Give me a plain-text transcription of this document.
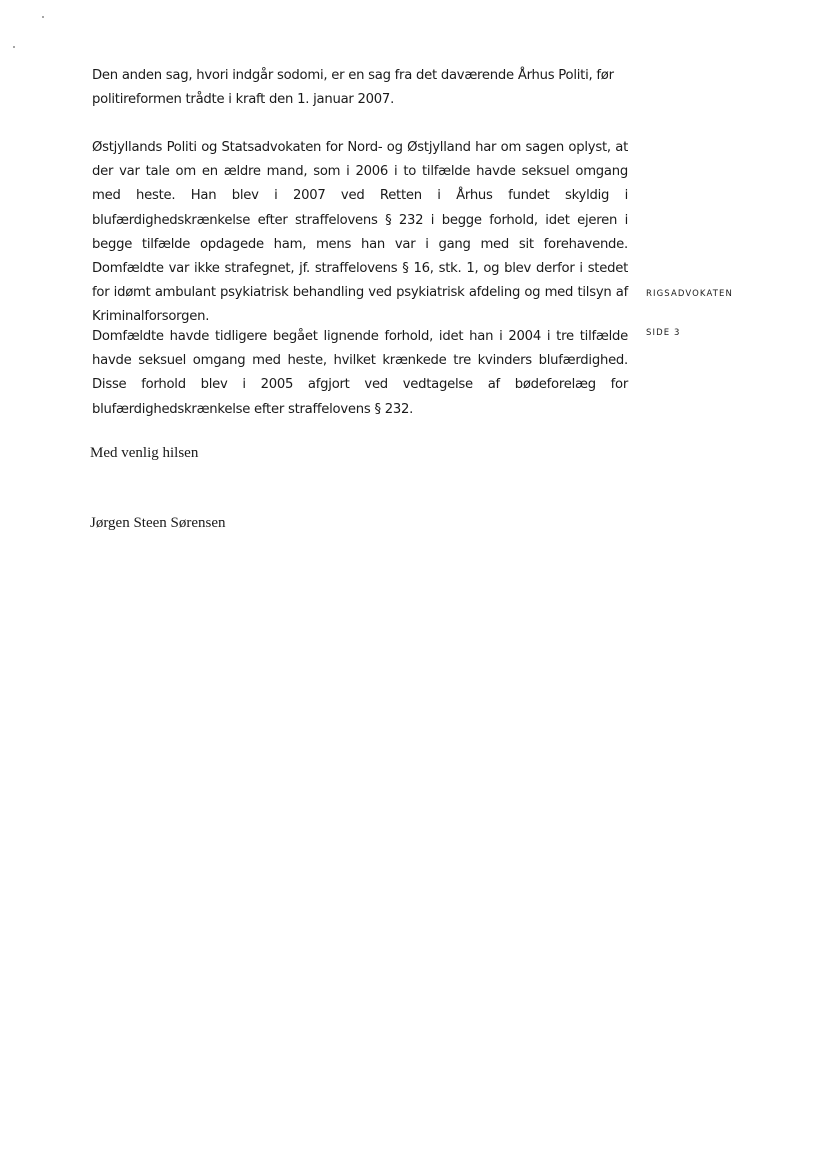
Den anden sag, hvori indgår sodomi, er en sag fra det daværende Århus Politi, før politireformen trådte i kraft den 1. januar 2007.

Østjyllands Politi og Statsadvokaten for Nord- og Østjylland har om sagen oplyst, at der var tale om en ældre mand, som i 2006 i to tilfælde havde seksuel omgang med heste. Han blev i 2007 ved Retten i Århus fundet skyldig i blufærdighedskrænkelse efter straffelovens § 232 i begge forhold, idet ejeren i begge tilfælde opdagede ham, mens han var i gang med sit forehavende. Domfældte var ikke strafegnet, jf. straffelovens § 16, stk. 1, og blev derfor i stedet for idømt ambulant psykiatrisk behandling ved psykiatrisk afdeling og med tilsyn af Kriminalforsorgen.

Domfældte havde tidligere begået lignende forhold, idet han i 2004 i tre tilfælde havde seksuel omgang med heste, hvilket krænkede tre kvinders blufærdighed. Disse forhold blev i 2005 afgjort ved vedtagelse af bødeforelæg for blufærdighedskrænkelse efter straffelovens § 232.

Med venlig hilsen

Jørgen Steen Sørensen

RIGSADVOKATEN
SIDE 3
